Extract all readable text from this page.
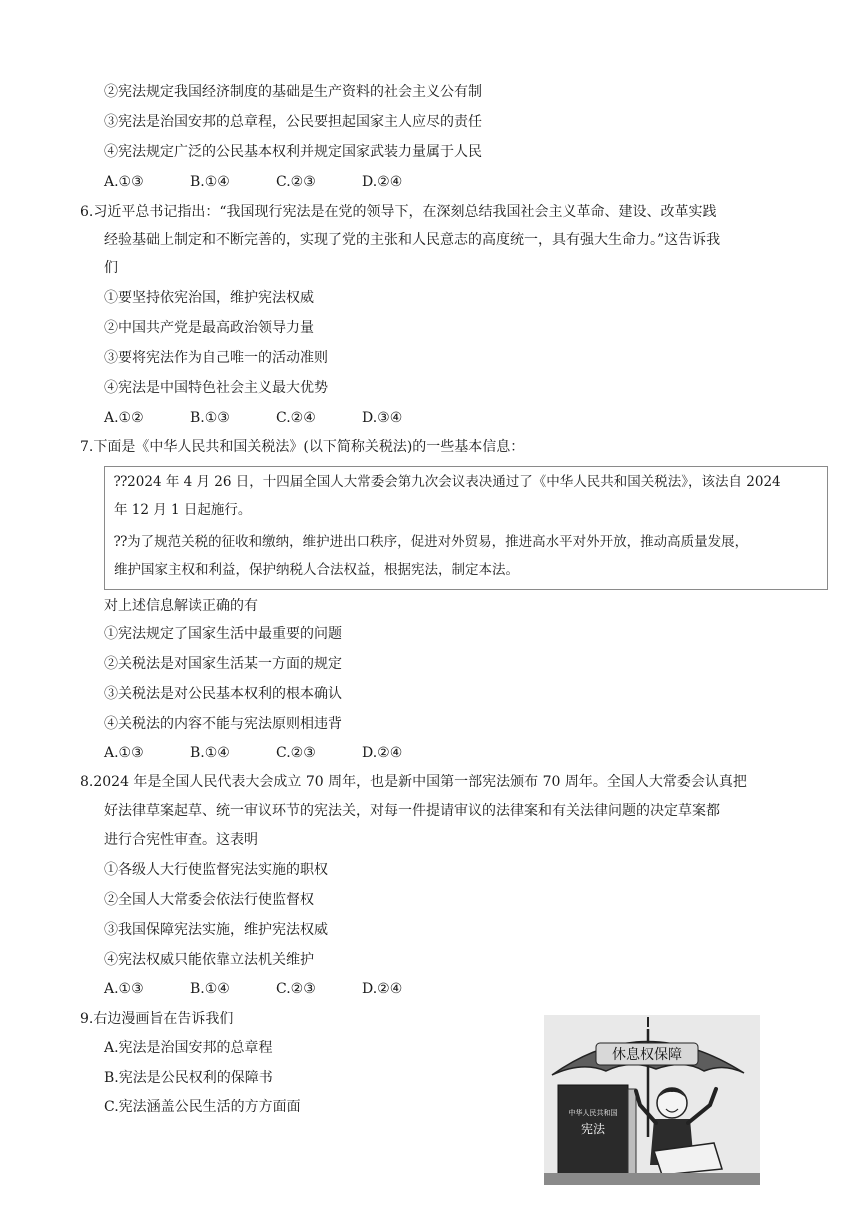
②宪法规定我国经济制度的基础是生产资料的社会主义公有制
③宪法是治国安邦的总章程，公民要担起国家主人应尽的责任
④宪法规定广泛的公民基本权利并规定国家武装力量属于人民
A.①③	B.①④	C.②③	D.②④
6.习近平总书记指出：“我国现行宪法是在党的领导下，在深刻总结我国社会主义革命、建设、改革实践
经验基础上制定和不断完善的，实现了党的主张和人民意志的高度统一，具有强大生命力。”这告诉我
们
①要坚持依宪治国，维护宪法权威
②中国共产党是最高政治领导力量
③要将宪法作为自己唯一的活动准则
④宪法是中国特色社会主义最大优势
A.①②	B.①③	C.②④	D.③④
7.下面是《中华人民共和国关税法》(以下简称关税法)的一些基本信息：
⁇2024 年 4 月 26 日，十四届全国人大常委会第九次会议表决通过了《中华人民共和国关税法》，该法自 2024
年 12 月 1 日起施行。
⁇为了规范关税的征收和缴纳，维护进出口秩序，促进对外贸易，推进高水平对外开放，推动高质量发展，
维护国家主权和利益，保护纳税人合法权益，根据宪法，制定本法。
对上述信息解读正确的有
①宪法规定了国家生活中最重要的问题
②关税法是对国家生活某一方面的规定
③关税法是对公民基本权利的根本确认
④关税法的内容不能与宪法原则相违背
A.①③	B.①④	C.②③	D.②④
8.2024 年是全国人民代表大会成立 70 周年，也是新中国第一部宪法颁布 70 周年。全国人大常委会认真把
好法律草案起草、统一审议环节的宪法关，对每一件提请审议的法律案和有关法律问题的决定草案都
进行合宪性审查。这表明
①各级人大行使监督宪法实施的职权
②全国人大常委会依法行使监督权
③我国保障宪法实施，维护宪法权威
④宪法权威只能依靠立法机关维护
A.①③	B.①④	C.②③	D.②④
9.右边漫画旨在告诉我们
A.宪法是治国安邦的总章程
B.宪法是公民权利的保障书
C.宪法涵盖公民生活的方方面面
休息权保障
中华人民共和国
宪法
